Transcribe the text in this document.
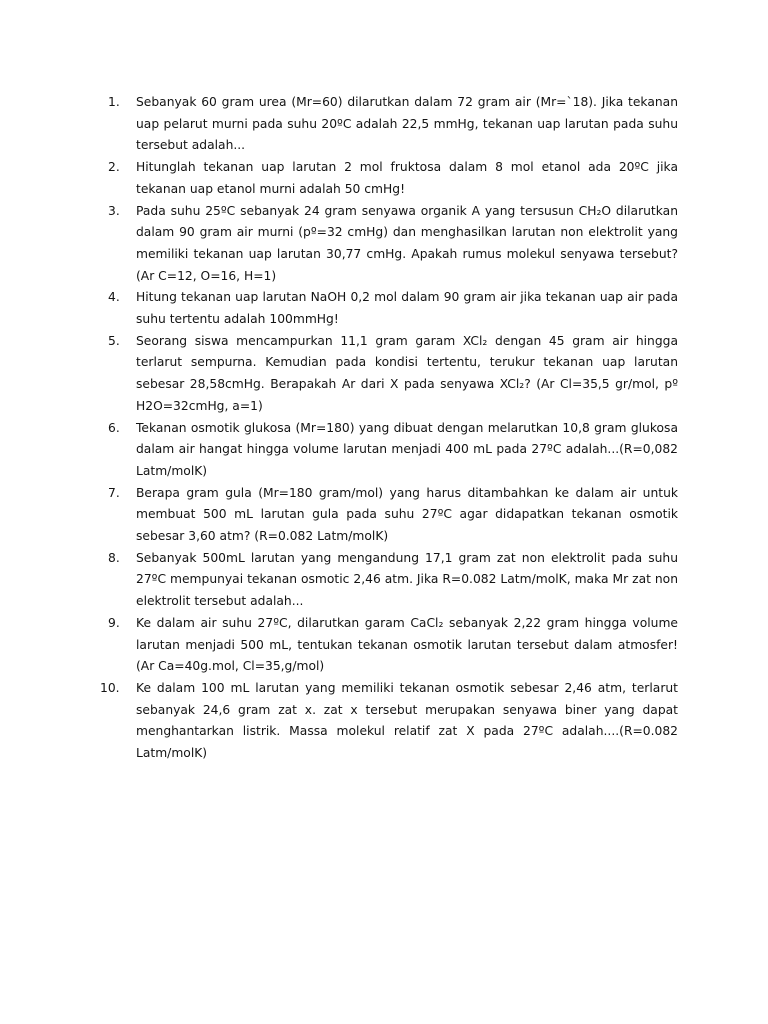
1.	Sebanyak 60 gram urea (Mr=60) dilarutkan dalam 72 gram air (Mr=`18). Jika tekanan uap pelarut murni pada suhu 20ºC adalah 22,5 mmHg, tekanan uap larutan pada suhu tersebut adalah...
2.	Hitunglah tekanan uap larutan 2 mol fruktosa dalam 8 mol etanol ada 20ºC jika tekanan uap etanol murni adalah 50 cmHg!
3.	Pada suhu 25ºC sebanyak 24 gram senyawa organik A yang tersusun CH₂O dilarutkan dalam 90 gram air murni (pº=32 cmHg) dan menghasilkan larutan non elektrolit yang memiliki tekanan uap larutan 30,77 cmHg. Apakah rumus molekul senyawa tersebut? (Ar C=12, O=16, H=1)
4.	Hitung tekanan uap larutan NaOH 0,2 mol dalam 90 gram air jika tekanan uap air pada suhu tertentu adalah 100mmHg!
5.	Seorang siswa mencampurkan 11,1 gram garam XCl₂ dengan 45 gram air hingga terlarut sempurna. Kemudian pada kondisi tertentu, terukur tekanan uap larutan sebesar 28,58cmHg. Berapakah Ar dari X pada senyawa XCl₂? (Ar Cl=35,5 gr/mol, pº H2O=32cmHg, a=1)
6.	Tekanan osmotik glukosa (Mr=180) yang dibuat dengan melarutkan 10,8 gram glukosa dalam air hangat hingga volume larutan menjadi 400 mL pada 27ºC adalah...(R=0,082 Latm/molK)
7.	Berapa gram gula (Mr=180 gram/mol) yang harus ditambahkan ke dalam air untuk membuat 500 mL larutan gula pada suhu 27ºC agar didapatkan tekanan osmotik sebesar 3,60 atm? (R=0.082 Latm/molK)
8.	Sebanyak 500mL larutan yang mengandung 17,1 gram zat non elektrolit pada suhu 27ºC mempunyai tekanan osmotic 2,46 atm. Jika R=0.082 Latm/molK, maka Mr zat non elektrolit tersebut adalah...
9.	Ke dalam air suhu 27ºC, dilarutkan garam CaCl₂ sebanyak 2,22 gram hingga volume larutan menjadi 500 mL, tentukan tekanan osmotik larutan tersebut dalam atmosfer!(Ar Ca=40g.mol, Cl=35,g/mol)
10.	Ke dalam 100 mL larutan yang memiliki tekanan osmotik sebesar 2,46 atm, terlarut sebanyak 24,6 gram zat x. zat x tersebut merupakan senyawa biner yang dapat menghantarkan listrik. Massa molekul relatif zat X pada 27ºC adalah....(R=0.082 Latm/molK)
